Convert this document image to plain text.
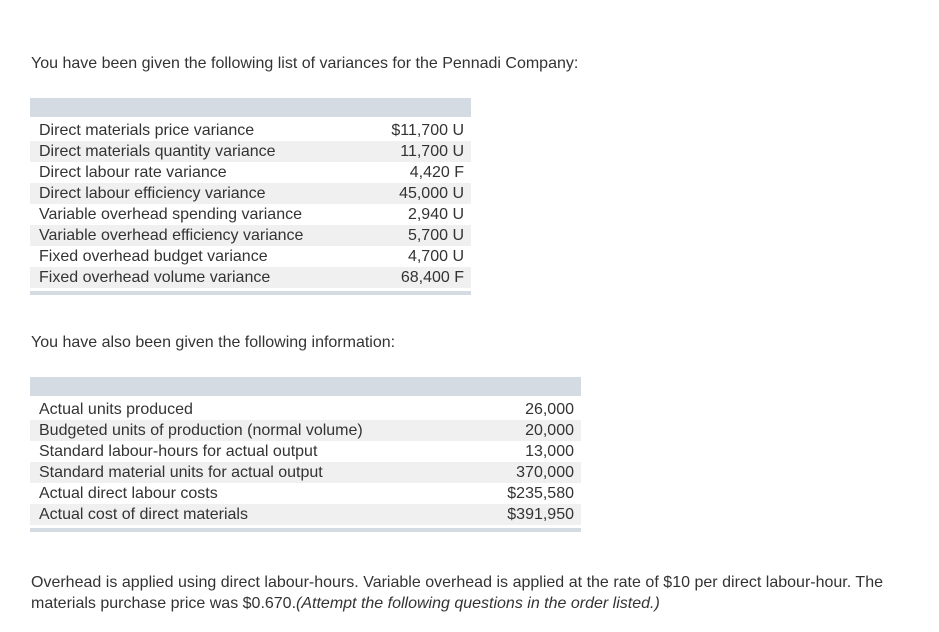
You have been given the following list of variances for the Pennadi Company:

Direct materials price variance	$11,700 U
Direct materials quantity variance	11,700 U
Direct labour rate variance	4,420 F
Direct labour efficiency variance	45,000 U
Variable overhead spending variance	2,940 U
Variable overhead efficiency variance	5,700 U
Fixed overhead budget variance	4,700 U
Fixed overhead volume variance	68,400 F

You have also been given the following information:

Actual units produced	26,000
Budgeted units of production (normal volume)	20,000
Standard labour-hours for actual output	13,000
Standard material units for actual output	370,000
Actual direct labour costs	$235,580
Actual cost of direct materials	$391,950

Overhead is applied using direct labour-hours. Variable overhead is applied at the rate of $10 per direct labour-hour. The materials purchase price was $0.670.(Attempt the following questions in the order listed.)
